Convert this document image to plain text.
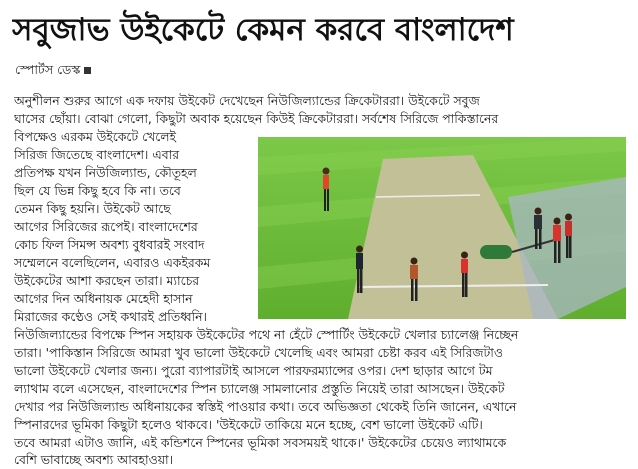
সবুজাভ উইকেটে কেমন করবে বাংলাদেশ
স্পোর্টস ডেস্ক
অনুশীলন শুরুর আগে এক দফায় উইকেট দেখেছেন নিউজিল্যান্ডের ক্রিকেটাররা। উইকেটে সবুজ
ঘাসের ছোঁয়া। বোঝা গেলো, কিছুটা অবাক হয়েছেন কিউই ক্রিকেটাররা। সর্বশেষ সিরিজে পাকিস্তানের
বিপক্ষেও এরকম উইকেটে খেলেই
সিরিজ জিতেছে বাংলাদেশ। এবার
প্রতিপক্ষ যখন নিউজিল্যান্ড, কৌতূহল
ছিল যে ভিন্ন কিছু হবে কি না। তবে
তেমন কিছু হয়নি। উইকেট আছে
আগের সিরিজের রূপেই। বাংলাদেশের
কোচ ফিল সিমন্স অবশ্য বুধবারই সংবাদ
সম্মেলনে বলেছিলেন, এবারও একইরকম
উইকেটের আশা করছেন তারা। ম্যাচের
আগের দিন অধিনায়ক মেহেদী হাসান
মিরাজের কণ্ঠেও সেই কথারই প্রতিধ্বনি।
নিউজিল্যান্ডের বিপক্ষে স্পিন সহায়ক উইকেটের পথে না হেঁটে স্পোর্টিং উইকেটে খেলার চ্যালেঞ্জ নিচ্ছেন
তারা। 'পাকিস্তান সিরিজে আমরা খুব ভালো উইকেটে খেলেছি এবং আমরা চেষ্টা করব এই সিরিজটাও
ভালো উইকেটে খেলার জন্য। পুরো ব্যাপারটাই আসলে পারফরম্যান্সের ওপর। দেশ ছাড়ার আগে টম
ল্যাথাম বলে এসেছেন, বাংলাদেশের স্পিন চ্যালেঞ্জ সামলানোর প্রস্তুতি নিয়েই তারা আসছেন। উইকেট
দেখার পর নিউজিল্যান্ড অধিনায়কের স্বস্তিই পাওয়ার কথা। তবে অভিজ্ঞতা থেকেই তিনি জানেন, এখানে
স্পিনারদের ভূমিকা কিছুটা হলেও থাকবে। 'উইকেটে তাকিয়ে মনে হচ্ছে, বেশ ভালো উইকেট এটি।
তবে আমরা এটাও জানি, এই কন্ডিশনে স্পিনের ভূমিকা সবসময়ই থাকে।' উইকেটের চেয়েও ল্যাথামকে
বেশি ভাবাচ্ছে অবশ্য আবহাওয়া।
